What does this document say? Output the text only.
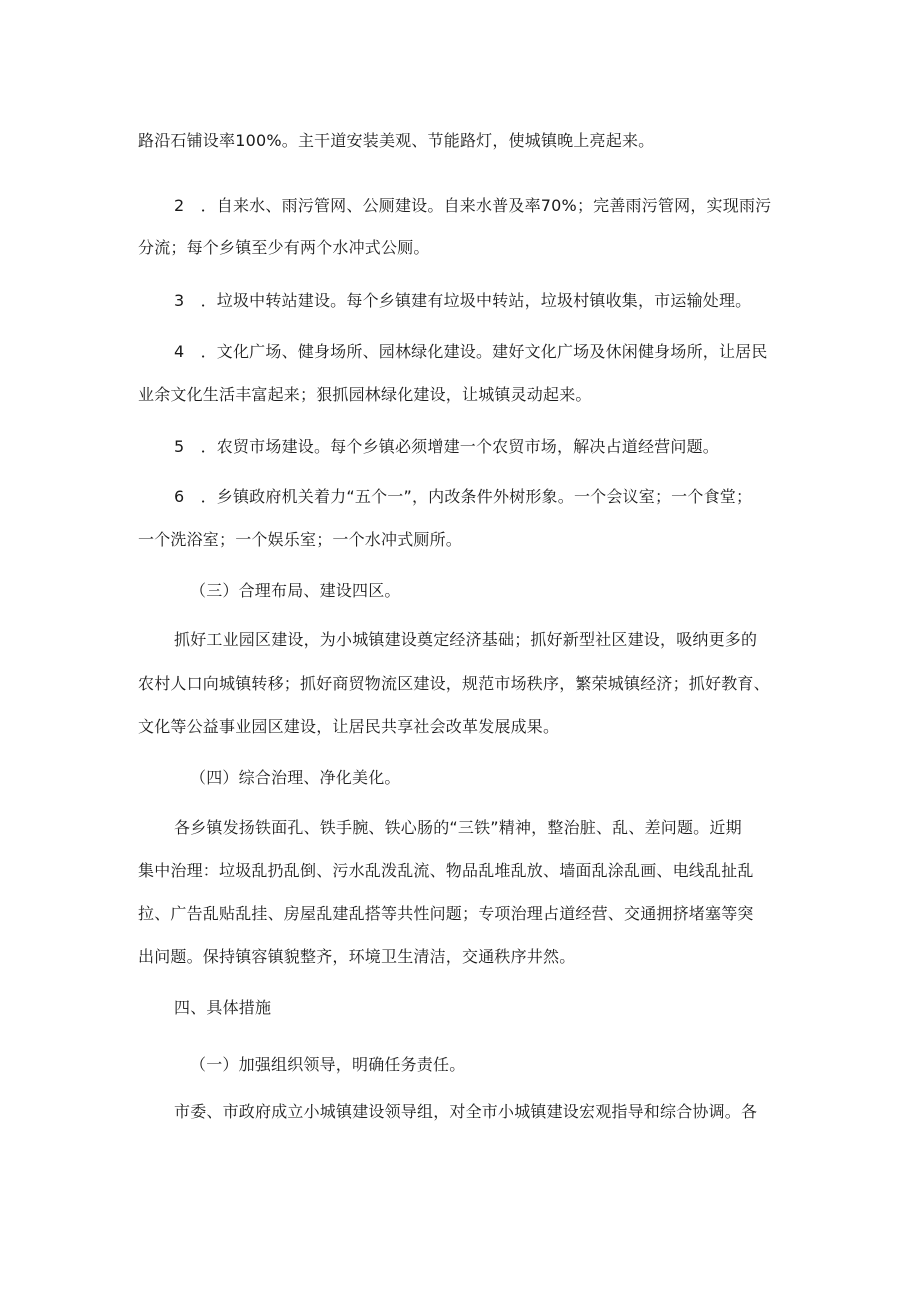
路沿石铺设率100%。主干道安装美观、节能路灯，使城镇晚上亮起来。
2　．自来水、雨污管网、公厕建设。自来水普及率70%；完善雨污管网，实现雨污
分流；每个乡镇至少有两个水冲式公厕。
3　．垃圾中转站建设。每个乡镇建有垃圾中转站，垃圾村镇收集，市运输处理。
4　．文化广场、健身场所、园林绿化建设。建好文化广场及休闲健身场所，让居民
业余文化生活丰富起来；狠抓园林绿化建设，让城镇灵动起来。
5　．农贸市场建设。每个乡镇必须增建一个农贸市场，解决占道经营问题。
6　．乡镇政府机关着力“五个一”，内改条件外树形象。一个会议室；一个食堂；
一个洗浴室；一个娱乐室；一个水冲式厕所。
（三）合理布局、建设四区。
抓好工业园区建设，为小城镇建设奠定经济基础；抓好新型社区建设，吸纳更多的
农村人口向城镇转移；抓好商贸物流区建设，规范市场秩序，繁荣城镇经济；抓好教育、
文化等公益事业园区建设，让居民共享社会改革发展成果。
（四）综合治理、净化美化。
各乡镇发扬铁面孔、铁手腕、铁心肠的“三铁”精神，整治脏、乱、差问题。近期
集中治理：垃圾乱扔乱倒、污水乱泼乱流、物品乱堆乱放、墙面乱涂乱画、电线乱扯乱
拉、广告乱贴乱挂、房屋乱建乱搭等共性问题；专项治理占道经营、交通拥挤堵塞等突
出问题。保持镇容镇貌整齐，环境卫生清洁，交通秩序井然。
四、具体措施
（一）加强组织领导，明确任务责任。
市委、市政府成立小城镇建设领导组，对全市小城镇建设宏观指导和综合协调。各
